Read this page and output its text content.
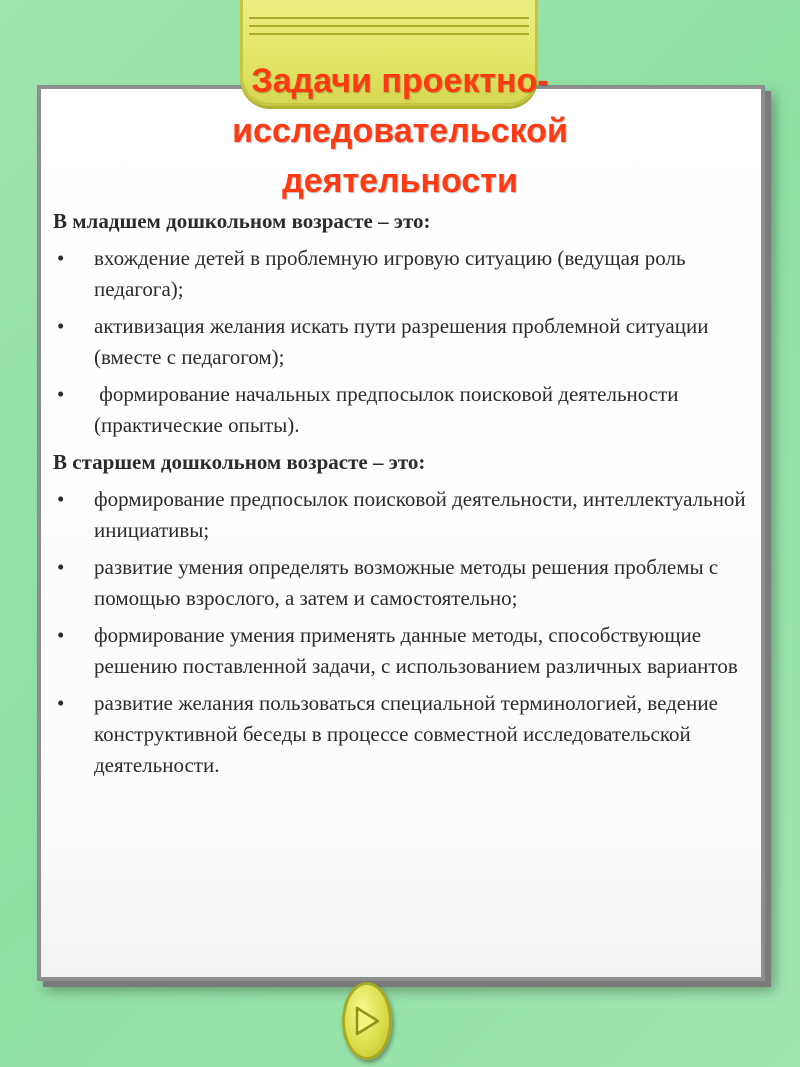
Задачи проектно-
исследовательской
деятельности

В младшем дошкольном возрасте – это:

• вхождение детей в проблемную игровую ситуацию (ведущая роль педагога);
• активизация желания искать пути разрешения проблемной ситуации (вместе с педагогом);
• формирование начальных предпосылок поисковой деятельности (практические опыты).

В старшем дошкольном возрасте – это:

• формирование предпосылок поисковой деятельности, интеллектуальной инициативы;
• развитие умения определять возможные методы решения проблемы с помощью взрослого, а затем и самостоятельно;
• формирование умения применять данные методы, способствующие решению поставленной задачи, с использованием различных вариантов
• развитие желания пользоваться специальной терминологией, ведение конструктивной беседы в процессе совместной исследовательской деятельности.
